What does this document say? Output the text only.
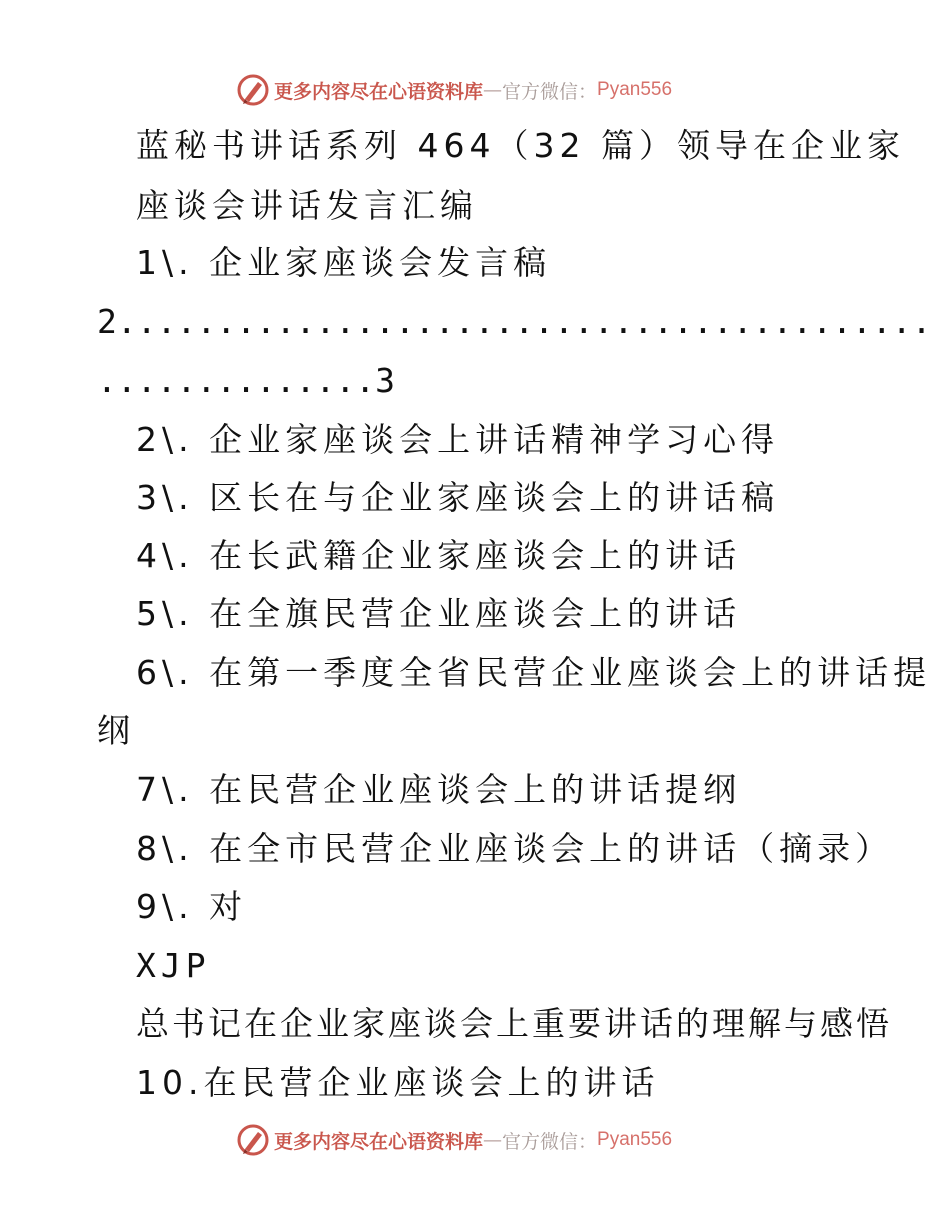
更多内容尽在心语资料库 — 官方微信： Pyan556
蓝秘书讲话系列 464（32 篇）领导在企业家
座谈会讲话发言汇编
1\. 企业家座谈会发言稿
2.........................................
..............3
2\. 企业家座谈会上讲话精神学习心得
3\. 区长在与企业家座谈会上的讲话稿
4\. 在长武籍企业家座谈会上的讲话
5\. 在全旗民营企业座谈会上的讲话
6\. 在第一季度全省民营企业座谈会上的讲话提
纲
7\. 在民营企业座谈会上的讲话提纲
8\. 在全市民营企业座谈会上的讲话（摘录）
9\. 对
XJP
总书记在企业家座谈会上重要讲话的理解与感悟
10.在民营企业座谈会上的讲话
更多内容尽在心语资料库 — 官方微信： Pyan556
